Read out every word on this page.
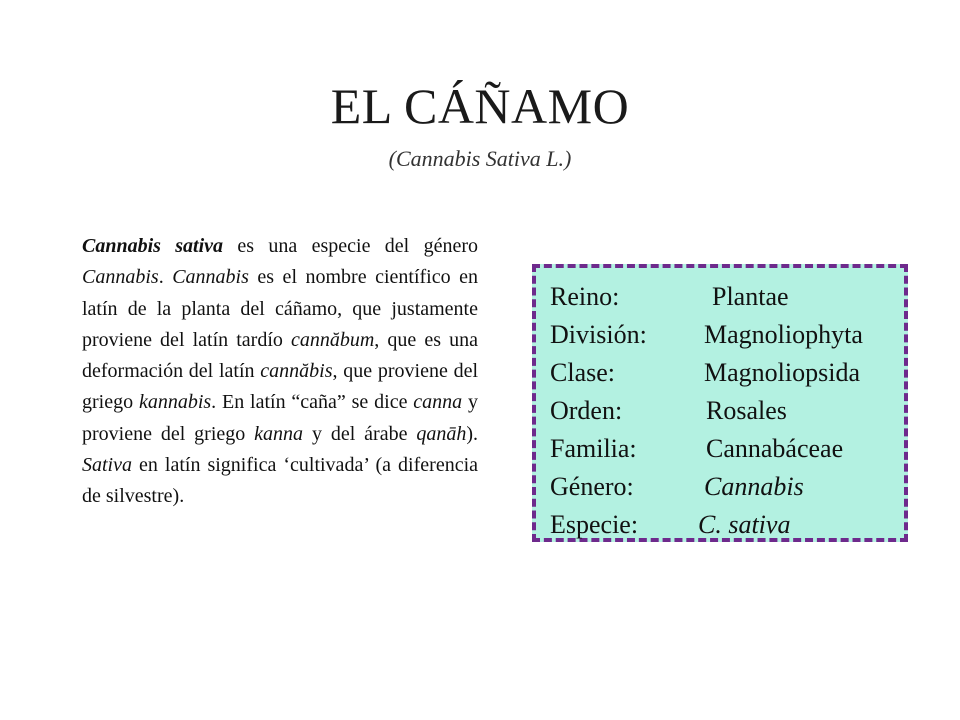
EL CÁÑAMO
(Cannabis Sativa L.)
Cannabis sativa es una especie del género Cannabis. Cannabis es el nombre científico en latín de la planta del cáñamo, que justamente proviene del latín tardío cannăbum, que es una deformación del latín cannăbis, que proviene del griego kannabis. En latín “caña” se dice canna y proviene del griego kanna y del árabe qanāh). Sativa en latín significa ‘cultivada’ (a diferencia de silvestre).
Reino:	Plantae
División: Magnoliophyta
Clase:	Magnoliopsida
Orden:	Rosales
Familia:	Cannabáceae
Género:	Cannabis
Especie: C. sativa
